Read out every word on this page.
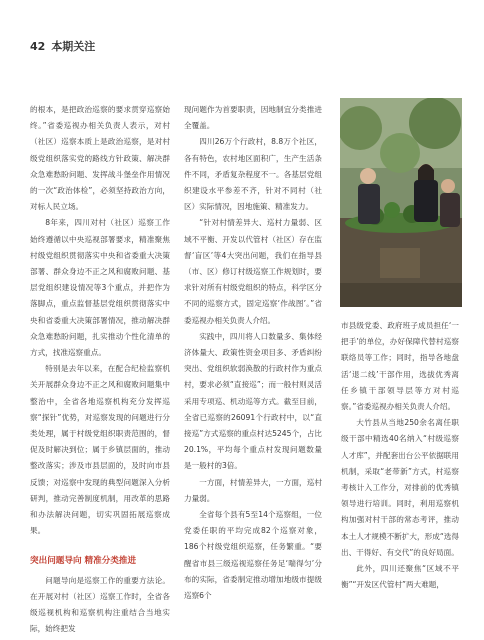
42 本期关注

的根本，是把政治巡察的要求贯穿巡察始终。”省委巡视办相关负责人表示，对村（社区）巡察本质上是政治巡察，是对村级党组织落实党的路线方针政策、解决群众急难愁盼问题、发挥战斗堡垒作用情况的一次“政治体检”，必须坚持政治方向，对标人民立场。

8年来，四川对村（社区）巡察工作始终遵循以中央巡视部署要求，精准聚焦村级党组织贯彻落实中央和省委重大决策部署、群众身边不正之风和腐败问题、基层党组织建设情况等3个重点，并把作为落脚点，重点监督基层党组织贯彻落实中央和省委重大决策部署情况，推动解决群众急难愁盼问题，扎实推动个性化清单的方式，找准巡察重点。

特别是去年以来，在配合纪检监察机关开展群众身边不正之风和腐败问题集中整治中，全省各地巡察机构充分发挥巡察“探针”优势，对巡察发现的问题进行分类处理，属于村级党组织职责范围的，督促及时解决到位；属于乡镇层面的，推动整改落实；涉及市县层面的，及时向市县反馈；对巡察中发现的典型问题深入分析研判，推动完善制度机制，用改革的思路和办法解决问题，切实巩固拓展巡察成果。

突出问题导向 精准分类推进

问题导向是巡察工作的重要方法论。在开展对村（社区）巡察工作时，全省各级巡视机构和巡察机构注重结合当地实际，始终把发

现问题作为首要职责，因地制宜分类推进全覆盖。

四川26万个行政村，8.8万个社区，各有特色，农村地区面积广，生产生活条件不同，矛盾复杂程度不一。各基层党组织建设水平参差不齐，针对不同村（社区）实际情况，因地施策、精准发力。

“针对村情差异大、巡村力量弱、区域不平衡、开发以代管村（社区）存在监督‘盲区’等4大突出问题，我们在指导县（市、区）修订村级巡察工作规划时，要求针对所有村级党组织的特点，科学区分不同的巡察方式，固定巡察‘作战图’。”省委巡视办相关负责人介绍。

实践中，四川将人口数量多、集体经济体量大、政策性资金项目多、矛盾纠纷突出、党组织软弱涣散的行政村作为重点村，要求必须“直接巡”；而一般村则灵活采用专项巡、机动巡等方式。截至目前，全省已巡察的26091个行政村中，以“直接巡”方式巡察的重点村达5245个，占比20.1%，平均每个重点村发现问题数量是一般村的3倍。

一方面，村情差异大，一方面，巡村力量弱。

全省每个县有5至14个巡察组，一位党委任职的平均完成82个巡察对象，186个村级党组织巡察，任务繁重。“要醒省市县三级巡视巡察任务足‘喘得匀’分布的实际，省委制定推动增加地级市提级巡察6个

市县级党委、政府班子成员担任‘一把手’的单位，办好保障代替村巡察联络员等工作；同时，指导各地盘活‘退二线’干部作用，选拔优秀离任乡镇干部领导层等方对村巡察。”省委巡视办相关负责人介绍。

大竹县从当地250余名离任职级干部中精选40名纳入“村级巡察人才库”，并配套出台公平依据联用机制，采取“老带新”方式，村巡察考核计入工作分，对排前的优秀镇领导进行培训。同时，利用巡察机构加强对村干部的常态考评，推动本土人才规模不断扩大，形成“选得出、干得好、有交代”的良好局面。

此外，四川还聚焦“区域不平衡”“开发区代管村”两大难题，
